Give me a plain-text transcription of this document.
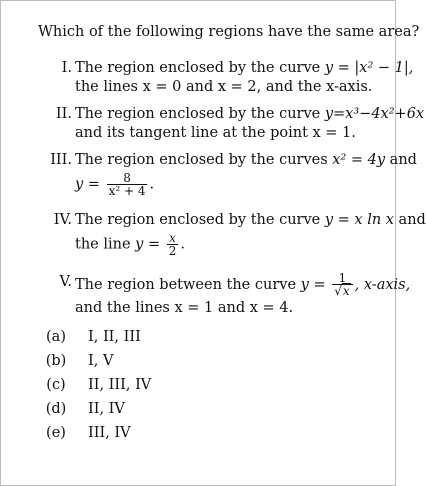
Which of the following regions have the same area?
I. The region enclosed by the curve y = |x² − 1|,
the lines x = 0 and x = 2, and the x-axis.
II. The region enclosed by the curve y=x³−4x²+6x
and its tangent line at the point x = 1.
III. The region enclosed by the curves x² = 4y and
$y = \frac{8}{\text{x² + 4}}$ .
IV. The region enclosed by the curve y = x ln x and
the line $y = \frac{x}{2}$ .
V. The region between the curve $y = \frac{1}{√x}$ , x-axis,
and the lines x = 1 and x = 4.
(a) I, II, III
(b) I, V
(c) II, III, IV
(d) II, IV
(e) III, IV
